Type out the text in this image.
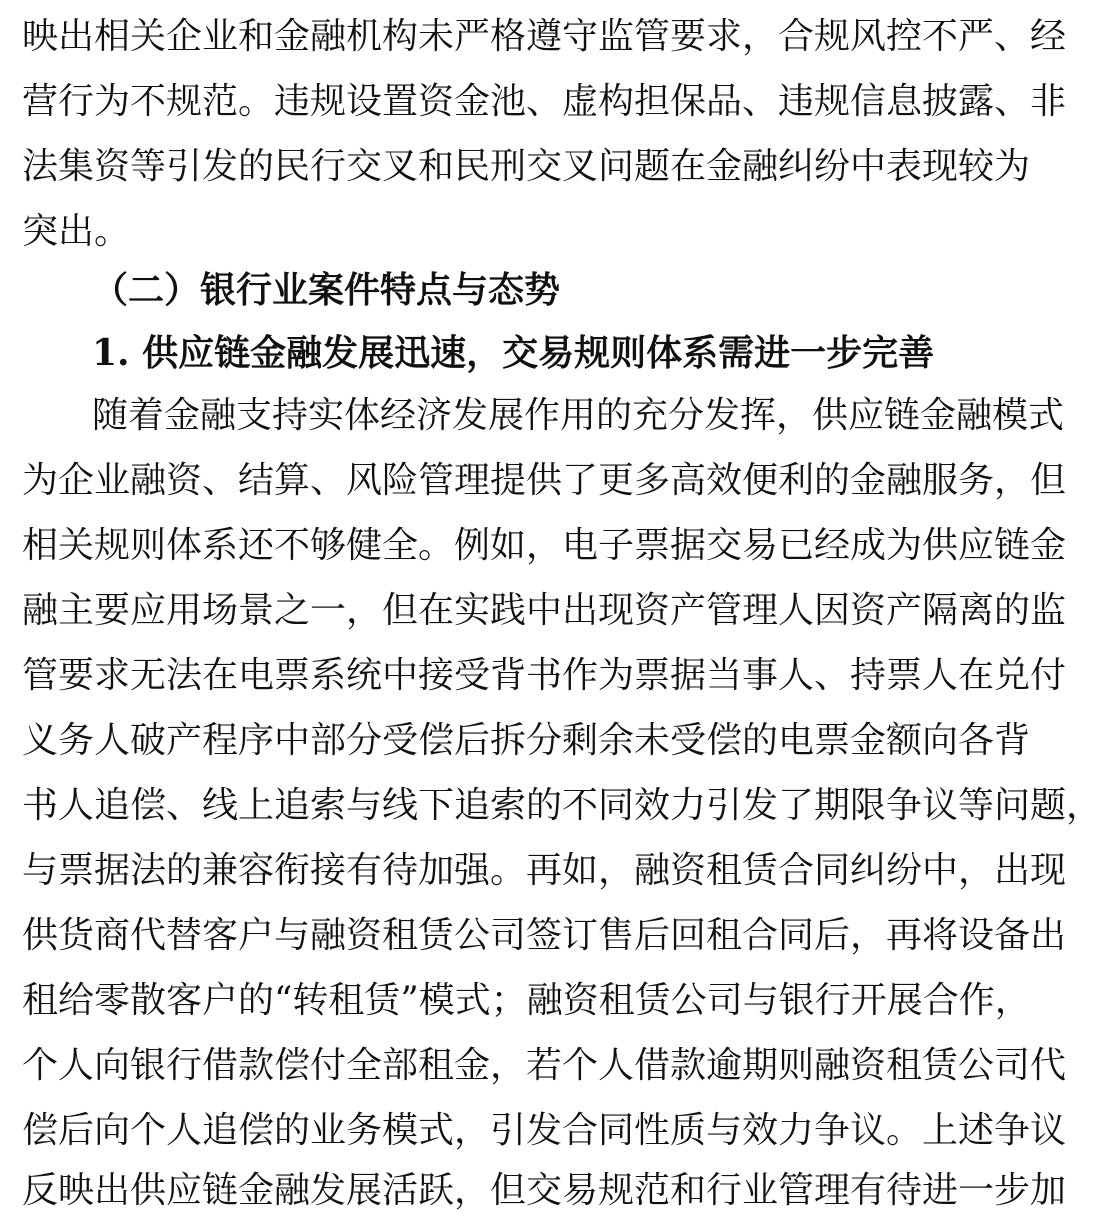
映出相关企业和金融机构未严格遵守监管要求，合规风控不严、经
营行为不规范。违规设置资金池、虚构担保品、违规信息披露、非
法集资等引发的民行交叉和民刑交叉问题在金融纠纷中表现较为
突出。
（二）银行业案件特点与态势
1. 供应链金融发展迅速，交易规则体系需进一步完善
随着金融支持实体经济发展作用的充分发挥，供应链金融模式
为企业融资、结算、风险管理提供了更多高效便利的金融服务，但
相关规则体系还不够健全。例如，电子票据交易已经成为供应链金
融主要应用场景之一，但在实践中出现资产管理人因资产隔离的监
管要求无法在电票系统中接受背书作为票据当事人、持票人在兑付
义务人破产程序中部分受偿后拆分剩余未受偿的电票金额向各背
书人追偿、线上追索与线下追索的不同效力引发了期限争议等问题，
与票据法的兼容衔接有待加强。再如，融资租赁合同纠纷中，出现
供货商代替客户与融资租赁公司签订售后回租合同后，再将设备出
租给零散客户的“转租赁”模式；融资租赁公司与银行开展合作，
个人向银行借款偿付全部租金，若个人借款逾期则融资租赁公司代
偿后向个人追偿的业务模式，引发合同性质与效力争议。上述争议
反映出供应链金融发展活跃，但交易规范和行业管理有待进一步加
